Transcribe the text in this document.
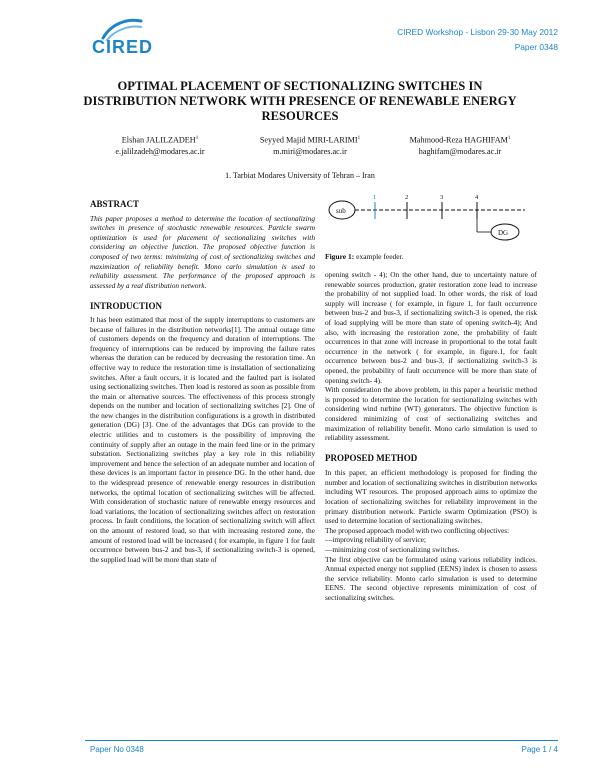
CIRED
CIRED Workshop - Lisbon 29-30 May 2012
Paper 0348
OPTIMAL PLACEMENT OF SECTIONALIZING SWITCHES IN DISTRIBUTION NETWORK WITH PRESENCE OF RENEWABLE ENERGY RESOURCES
Elshan JALILZADEH$^1$
e.jalilzadeh@modares.ac.ir
Seyyed Majid MIRI-LARIMI$^1$
m.miri@modares.ac.ir
Mahmood-Reza HAGHIFAM$^1$
haghifam@modares.ac.ir
1. Tarbiat Modares University of Tehran – Iran

ABSTRACT

This paper proposes a method to determine the location of sectionalizing switches in presence of stochastic renewable resources. Particle swarm optimization is used for placement of sectionalizing switches with considering an objective function. The proposed objective function is composed of two terms: minimizing of cost of sectionalizing switches and maximization of reliability benefit. Mono carlo simulation is used to reliability assessment. The performance of the proposed approach is assessed by a real distribution network.

INTRODUCTION

It has been estimated that most of the supply interruptions to customers are because of failures in the distribution networks[1]. The annual outage time of customers depends on the frequency and duration of interruptions. The frequency of interruptions can be reduced by improving the failure rates whereas the duration can be reduced by decreasing the restoration time. An effective way to reduce the restoration time is installation of sectionalizing switches. After a fault occurs, it is located and the faulted part is isolated using sectionalizing switches. Then load is restored as soon as possible from the main or alternative sources. The effectiveness of this process strongly depends on the number and location of sectionalizing switches [2]. One of the new changes in the distribution configurations is a growth in distributed generation (DG) [3]. One of the advantages that DGs can provide to the electric utilities and to customers is the possibility of improving the continuity of supply after an outage in the main feed line or in the primary substation. Sectionalizing switches play a key role in this reliability improvement and hence the selection of an adequate number and location of these devices is an important factor in presence DG. In the other hand, due to the widespread presence of renewable energy resources in distribution networks, the optimal location of sectionalizing switches will be affected. With consideration of stochastic nature of renewable energy resources and load variations, the location of sectionalizing switches affect on restoration process. In fault conditions, the location of sectionalizing switch will affect on the amount of restored load, so that with increasing restored zone, the amount of restored load will be increased ( for example, in figure 1 for fault occurrence between bus-2 and bus-3, if sectionalizing switch-3 is opened, the supplied load will be more than state of

sub
1	2	3	4
DG
Figure 1: example feeder.

opening switch - 4); On the other hand, due to uncertainty nature of renewable sources production, grater restoration zone lead to increase the probability of not supplied load. In other words, the risk of load supply will increase ( for example, in figure 1, for fault occurrence between bus-2 and bus-3, if sectionalizing switch-3 is opened, the risk of load supplying will be more than state of opening switch-4); And also, with increasing the restoration zone, the probability of fault occurrences in that zone will increase in proportional to the total fault occurrence in the network ( for example, in figure.1, for fault occurrence between bus-2 and bus-3, if sectionalizing switch-3 is opened, the probability of fault occurrence will be more than state of opening switch- 4).

With consideration the above problem, in this paper a heuristic method is proposed to determine the location for sectionalizing switches with considering wind turbine (WT) generators. The objective function is considered minimizing of cost of sectionalizing switches and maximization of reliability benefit. Mono carlo simulation is used to reliability assessment.

PROPOSED METHOD

In this paper, an efficient methodology is proposed for finding the number and location of sectionalizing switches in distribution networks including WT resources. The proposed approach aims to optimize the location of sectionalizing switches for reliability improvement in the primary distribution network. Particle swarm Optimization (PSO) is used to determine location of sectionalizing switches.

The proposed approach model with two conflicting objectives:

—improving reliability of service;

—minimizing cost of sectionalizing switches.

The first objective can be formulated using various reliability indices. Annual expected energy not supplied (EENS) index is chosen to assess the service reliability. Monto carlo simulation is used to determine EENS. The second objective represents minimization of cost of sectionalizing switches.

Paper No 0348	Page 1 / 4
